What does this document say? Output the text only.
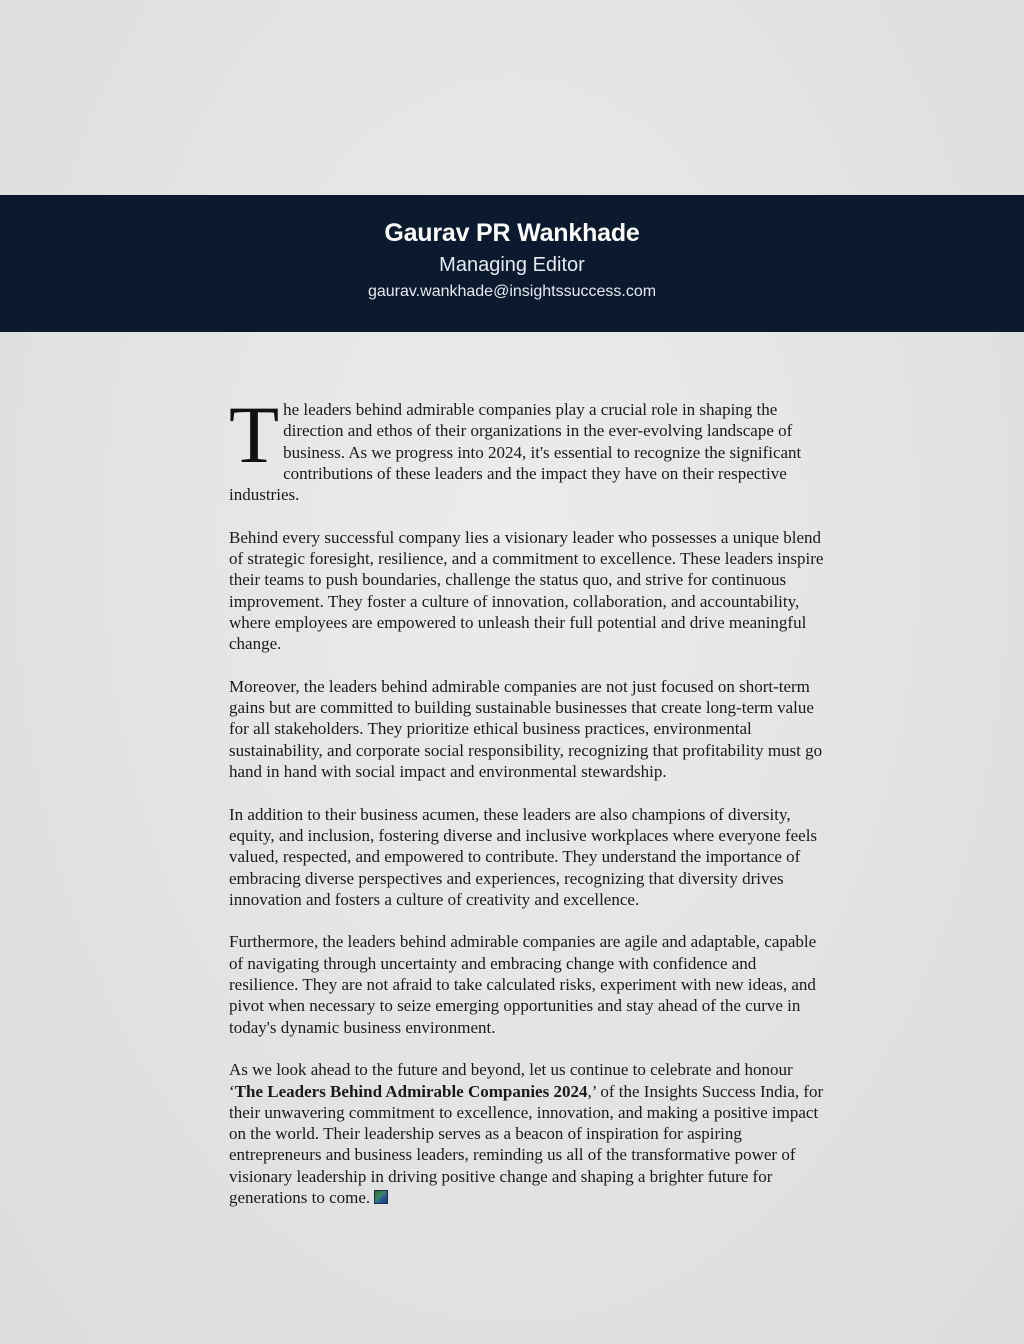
Gaurav PR Wankhade
Managing Editor
gaurav.wankhade@insightssuccess.com

The leaders behind admirable companies play a crucial role in shaping the direction and ethos of their organizations in the ever-evolving landscape of business. As we progress into 2024, it's essential to recognize the significant contributions of these leaders and the impact they have on their respective industries.

Behind every successful company lies a visionary leader who possesses a unique blend of strategic foresight, resilience, and a commitment to excellence. These leaders inspire their teams to push boundaries, challenge the status quo, and strive for continuous improvement. They foster a culture of innovation, collaboration, and accountability, where employees are empowered to unleash their full potential and drive meaningful change.

Moreover, the leaders behind admirable companies are not just focused on short-term gains but are committed to building sustainable businesses that create long-term value for all stakeholders. They prioritize ethical business practices, environmental sustainability, and corporate social responsibility, recognizing that profitability must go hand in hand with social impact and environmental stewardship.

In addition to their business acumen, these leaders are also champions of diversity, equity, and inclusion, fostering diverse and inclusive workplaces where everyone feels valued, respected, and empowered to contribute. They understand the importance of embracing diverse perspectives and experiences, recognizing that diversity drives innovation and fosters a culture of creativity and excellence.

Furthermore, the leaders behind admirable companies are agile and adaptable, capable of navigating through uncertainty and embracing change with confidence and resilience. They are not afraid to take calculated risks, experiment with new ideas, and pivot when necessary to seize emerging opportunities and stay ahead of the curve in today's dynamic business environment.

As we look ahead to the future and beyond, let us continue to celebrate and honour ‘The Leaders Behind Admirable Companies 2024,’ of the Insights Success India, for their unwavering commitment to excellence, innovation, and making a positive impact on the world. Their leadership serves as a beacon of inspiration for aspiring entrepreneurs and business leaders, reminding us all of the transformative power of visionary leadership in driving positive change and shaping a brighter future for generations to come.
